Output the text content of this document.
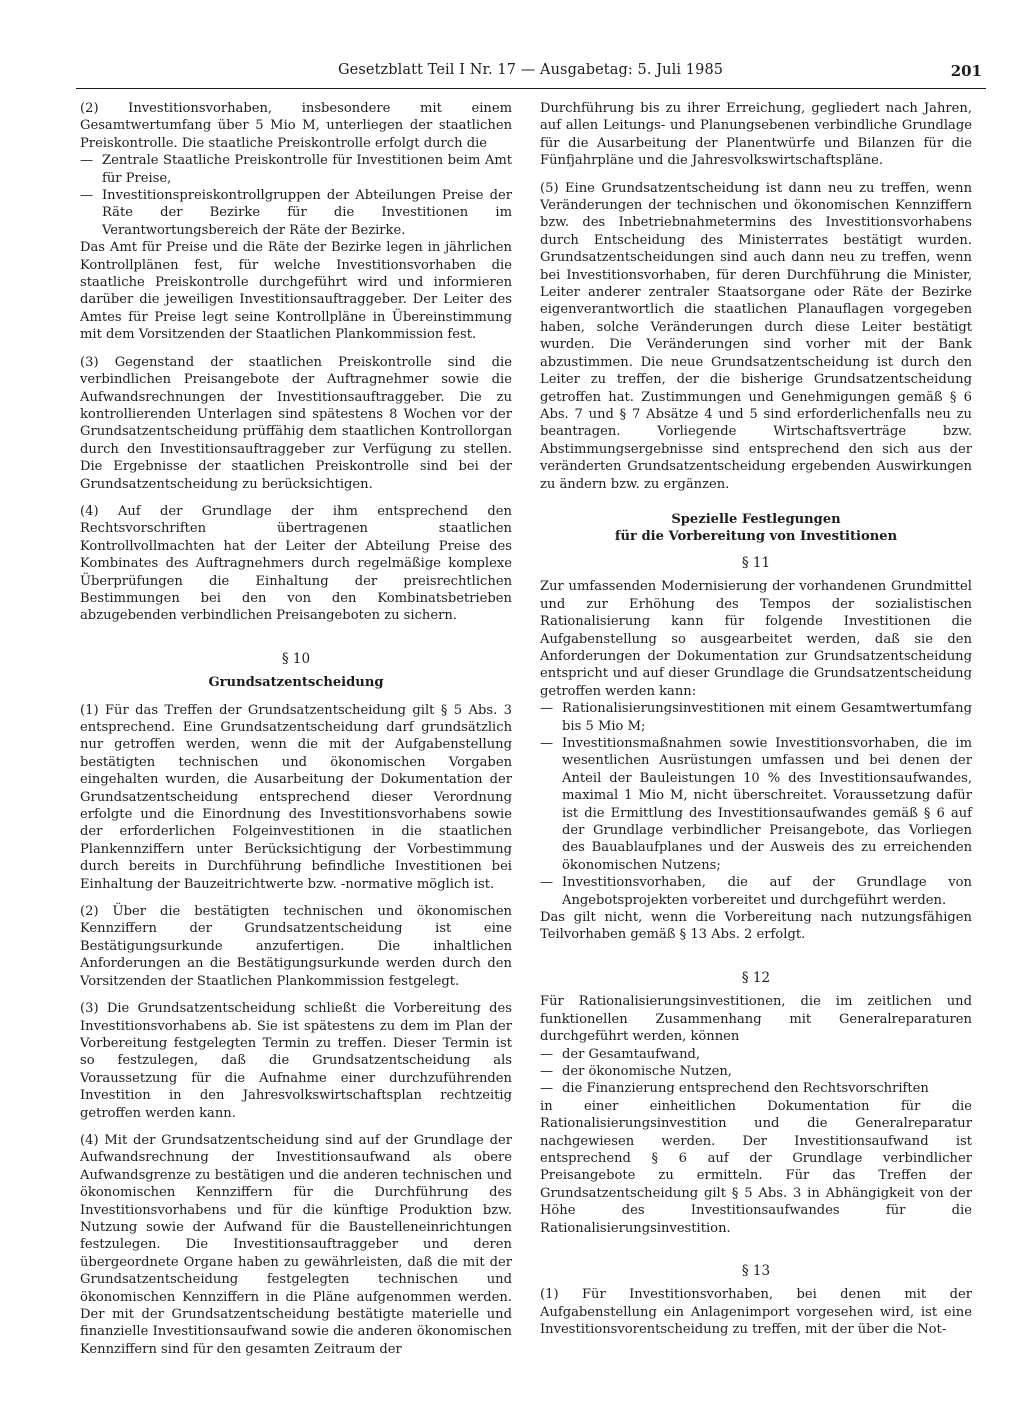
Gesetzblatt Teil I Nr. 17 — Ausgabetag: 5. Juli 1985	201

(2) Investitionsvorhaben, insbesondere mit einem Gesamtwertumfang über 5 Mio M, unterliegen der staatlichen Preiskontrolle. Die staatliche Preiskontrolle erfolgt durch die

— Zentrale Staatliche Preiskontrolle für Investitionen beim Amt für Preise,
— Investitionspreiskontrollgruppen der Abteilungen Preise der Räte der Bezirke für die Investitionen im Verantwortungsbereich der Räte der Bezirke.

Das Amt für Preise und die Räte der Bezirke legen in jährlichen Kontrollplänen fest, für welche Investitionsvorhaben die staatliche Preiskontrolle durchgeführt wird und informieren darüber die jeweiligen Investitionsauftraggeber. Der Leiter des Amtes für Preise legt seine Kontrollpläne in Übereinstimmung mit dem Vorsitzenden der Staatlichen Plankommission fest.

(3) Gegenstand der staatlichen Preiskontrolle sind die verbindlichen Preisangebote der Auftragnehmer sowie die Aufwandsrechnungen der Investitionsauftraggeber. Die zu kontrollierenden Unterlagen sind spätestens 8 Wochen vor der Grundsatzentscheidung prüffähig dem staatlichen Kontrollorgan durch den Investitionsauftraggeber zur Verfügung zu stellen. Die Ergebnisse der staatlichen Preiskontrolle sind bei der Grundsatzentscheidung zu berücksichtigen.

(4) Auf der Grundlage der ihm entsprechend den Rechtsvorschriften übertragenen staatlichen Kontrollvollmachten hat der Leiter der Abteilung Preise des Kombinates des Auftragnehmers durch regelmäßige komplexe Überprüfungen die Einhaltung der preisrechtlichen Bestimmungen bei den von den Kombinatsbetrieben abzugebenden verbindlichen Preisangeboten zu sichern.

§ 10
Grundsatzentscheidung

(1) Für das Treffen der Grundsatzentscheidung gilt § 5 Abs. 3 entsprechend. Eine Grundsatzentscheidung darf grundsätzlich nur getroffen werden, wenn die mit der Aufgabenstellung bestätigten technischen und ökonomischen Vorgaben eingehalten wurden, die Ausarbeitung der Dokumentation der Grundsatzentscheidung entsprechend dieser Verordnung erfolgte und die Einordnung des Investitionsvorhabens sowie der erforderlichen Folgeinvestitionen in die staatlichen Plankennziffern unter Berücksichtigung der Vorbestimmung durch bereits in Durchführung befindliche Investitionen bei Einhaltung der Bauzeitrichtwerte bzw. -normative möglich ist.

(2) Über die bestätigten technischen und ökonomischen Kennziffern der Grundsatzentscheidung ist eine Bestätigungsurkunde anzufertigen. Die inhaltlichen Anforderungen an die Bestätigungsurkunde werden durch den Vorsitzenden der Staatlichen Plankommission festgelegt.

(3) Die Grundsatzentscheidung schließt die Vorbereitung des Investitionsvorhabens ab. Sie ist spätestens zu dem im Plan der Vorbereitung festgelegten Termin zu treffen. Dieser Termin ist so festzulegen, daß die Grundsatzentscheidung als Voraussetzung für die Aufnahme einer durchzuführenden Investition in den Jahresvolkswirtschaftsplan rechtzeitig getroffen werden kann.

(4) Mit der Grundsatzentscheidung sind auf der Grundlage der Aufwandsrechnung der Investitionsaufwand als obere Aufwandsgrenze zu bestätigen und die anderen technischen und ökonomischen Kennziffern für die Durchführung des Investitionsvorhabens und für die künftige Produktion bzw. Nutzung sowie der Aufwand für die Baustelleneinrichtungen festzulegen. Die Investitionsauftraggeber und deren übergeordnete Organe haben zu gewährleisten, daß die mit der Grundsatzentscheidung festgelegten technischen und ökonomischen Kennziffern in die Pläne aufgenommen werden. Der mit der Grundsatzentscheidung bestätigte materielle und finanzielle Investitionsaufwand sowie die anderen ökonomischen Kennziffern sind für den gesamten Zeitraum der

Durchführung bis zu ihrer Erreichung, gegliedert nach Jahren, auf allen Leitungs- und Planungsebenen verbindliche Grundlage für die Ausarbeitung der Planentwürfe und Bilanzen für die Fünfjahrpläne und die Jahresvolkswirtschaftspläne.

(5) Eine Grundsatzentscheidung ist dann neu zu treffen, wenn Veränderungen der technischen und ökonomischen Kennziffern bzw. des Inbetriebnahmetermins des Investitionsvorhabens durch Entscheidung des Ministerrates bestätigt wurden. Grundsatzentscheidungen sind auch dann neu zu treffen, wenn bei Investitionsvorhaben, für deren Durchführung die Minister, Leiter anderer zentraler Staatsorgane oder Räte der Bezirke eigenverantwortlich die staatlichen Planauflagen vorgegeben haben, solche Veränderungen durch diese Leiter bestätigt wurden. Die Veränderungen sind vorher mit der Bank abzustimmen. Die neue Grundsatzentscheidung ist durch den Leiter zu treffen, der die bisherige Grundsatzentscheidung getroffen hat. Zustimmungen und Genehmigungen gemäß § 6 Abs. 7 und § 7 Absätze 4 und 5 sind erforderlichenfalls neu zu beantragen. Vorliegende Wirtschaftsverträge bzw. Abstimmungsergebnisse sind entsprechend den sich aus der veränderten Grundsatzentscheidung ergebenden Auswirkungen zu ändern bzw. zu ergänzen.

Spezielle Festlegungen
für die Vorbereitung von Investitionen
§ 11

Zur umfassenden Modernisierung der vorhandenen Grundmittel und zur Erhöhung des Tempos der sozialistischen Rationalisierung kann für folgende Investitionen die Aufgabenstellung so ausgearbeitet werden, daß sie den Anforderungen der Dokumentation zur Grundsatzentscheidung entspricht und auf dieser Grundlage die Grundsatzentscheidung getroffen werden kann:

— Rationalisierungsinvestitionen mit einem Gesamtwertumfang bis 5 Mio M;
— Investitionsmaßnahmen sowie Investitionsvorhaben, die im wesentlichen Ausrüstungen umfassen und bei denen der Anteil der Bauleistungen 10 % des Investitionsaufwandes, maximal 1 Mio M, nicht überschreitet. Voraussetzung dafür ist die Ermittlung des Investitionsaufwandes gemäß § 6 auf der Grundlage verbindlicher Preisangebote, das Vorliegen des Bauablaufplanes und der Ausweis des zu erreichenden ökonomischen Nutzens;
— Investitionsvorhaben, die auf der Grundlage von Angebotsprojekten vorbereitet und durchgeführt werden.

Das gilt nicht, wenn die Vorbereitung nach nutzungsfähigen Teilvorhaben gemäß § 13 Abs. 2 erfolgt.

§ 12

Für Rationalisierungsinvestitionen, die im zeitlichen und funktionellen Zusammenhang mit Generalreparaturen durchgeführt werden, können

— der Gesamtaufwand,
— der ökonomische Nutzen,
— die Finanzierung entsprechend den Rechtsvorschriften

in einer einheitlichen Dokumentation für die Rationalisierungsinvestition und die Generalreparatur nachgewiesen werden. Der Investitionsaufwand ist entsprechend § 6 auf der Grundlage verbindlicher Preisangebote zu ermitteln. Für das Treffen der Grundsatzentscheidung gilt § 5 Abs. 3 in Abhängigkeit von der Höhe des Investitionsaufwandes für die Rationalisierungsinvestition.

§ 13

(1) Für Investitionsvorhaben, bei denen mit der Aufgabenstellung ein Anlagenimport vorgesehen wird, ist eine Investitionsvorentscheidung zu treffen, mit der über die Not-
